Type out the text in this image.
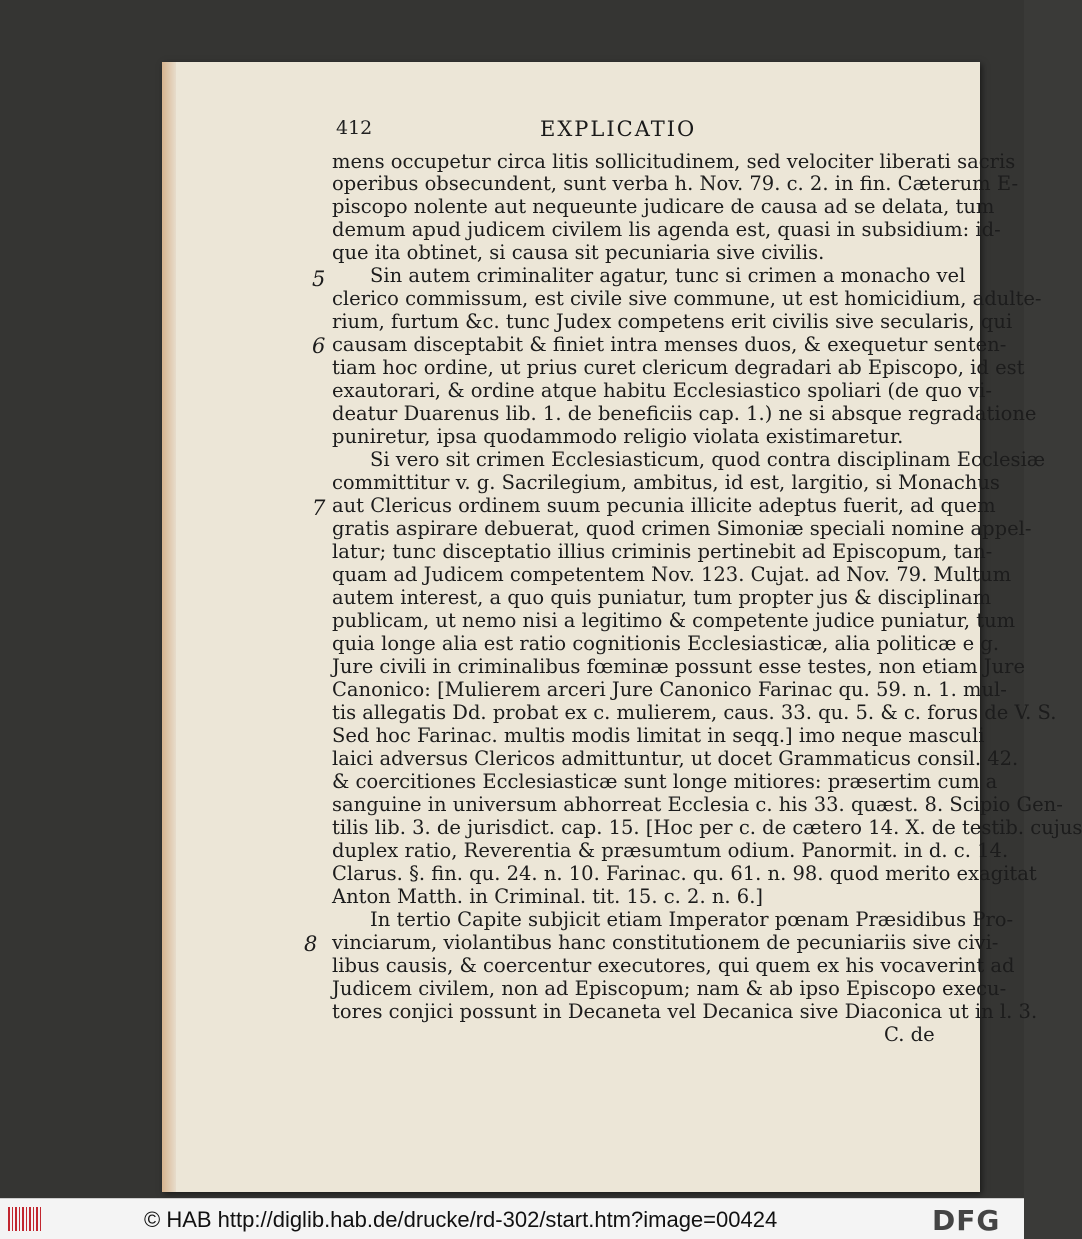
412	EXPLICATIO
mens occupetur circa litis sollicitudinem, sed velociter liberati sacris
operibus obsecundent, sunt verba h. Nov. 79. c. 2. in fin. Cæterum E-
piscopo nolente aut nequeunte judicare de causa ad se delata, tum
demum apud judicem civilem lis agenda est, quasi in subsidium: id-
que ita obtinet, si causa sit pecuniaria sive civilis.
Sin autem criminaliter agatur, tunc si crimen a monacho vel
clerico commissum, est civile sive commune, ut est homicidium, adulte-
rium, furtum &c. tunc Judex competens erit civilis sive secularis, qui
causam disceptabit & finiet intra menses duos, & exequetur senten-
tiam hoc ordine, ut prius curet clericum degradari ab Episcopo, id est
exautorari, & ordine atque habitu Ecclesiastico spoliari (de quo vi-
deatur Duarenus lib. 1. de beneficiis cap. 1.) ne si absque regradatione
puniretur, ipsa quodammodo religio violata existimaretur.
Si vero sit crimen Ecclesiasticum, quod contra disciplinam Ecclesiæ
committitur v. g. Sacrilegium, ambitus, id est, largitio, si Monachus
aut Clericus ordinem suum pecunia illicite adeptus fuerit, ad quem
gratis aspirare debuerat, quod crimen Simoniæ speciali nomine appel-
latur; tunc disceptatio illius criminis pertinebit ad Episcopum, tan-
quam ad Judicem competentem Nov. 123. Cujat. ad Nov. 79. Multum
autem interest, a quo quis puniatur, tum propter jus & disciplinam
publicam, ut nemo nisi a legitimo & competente judice puniatur, tum
quia longe alia est ratio cognitionis Ecclesiasticæ, alia politicæ e g.
Jure civili in criminalibus fœminæ possunt esse testes, non etiam Jure
Canonico: [Mulierem arceri Jure Canonico Farinac qu. 59. n. 1. mul-
tis allegatis Dd. probat ex c. mulierem, caus. 33. qu. 5. & c. forus de V. S.
Sed hoc Farinac. multis modis limitat in seqq.] imo neque masculi
laici adversus Clericos admittuntur, ut docet Grammaticus consil. 42.
& coercitiones Ecclesiasticæ sunt longe mitiores: præsertim cum a
sanguine in universum abhorreat Ecclesia c. his 33. quæst. 8. Scipio Gen-
tilis lib. 3. de jurisdict. cap. 15. [Hoc per c. de cætero 14. X. de testib. cujus
duplex ratio, Reverentia & præsumtum odium. Panormit. in d. c. 14.
Clarus. §. fin. qu. 24. n. 10. Farinac. qu. 61. n. 98. quod merito exagitat
Anton Matth. in Criminal. tit. 15. c. 2. n. 6.]
In tertio Capite subjicit etiam Imperator pœnam Præsidibus Pro-
vinciarum, violantibus hanc constitutionem de pecuniariis sive civi-
libus causis, & coercentur executores, qui quem ex his vocaverint ad
Judicem civilem, non ad Episcopum; nam & ab ipso Episcopo execu-
tores conjici possunt in Decaneta vel Decanica sive Diaconica ut in l. 3.
C. de
5
6
7
8
© HAB http://diglib.hab.de/drucke/rd-302/start.htm?image=00424	DFG
